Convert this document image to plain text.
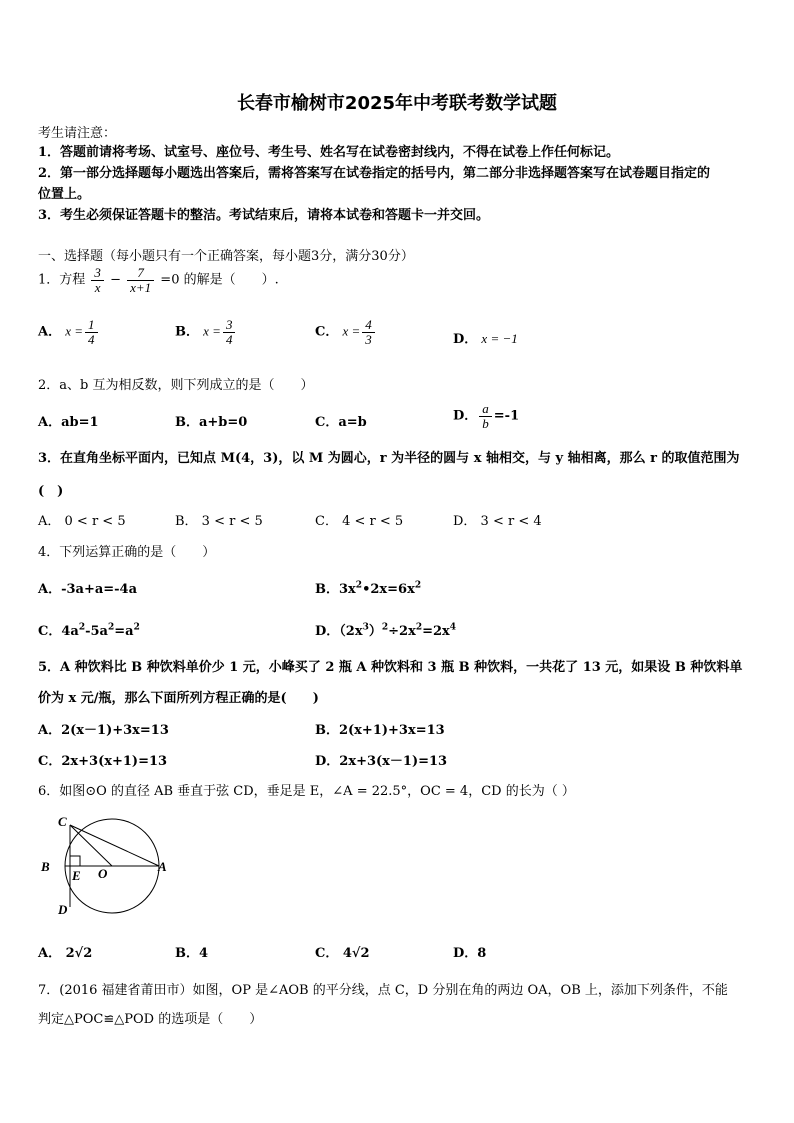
长春市榆树市2025年中考联考数学试题
考生请注意：
1．答题前请将考场、试室号、座位号、考生号、姓名写在试卷密封线内，不得在试卷上作任何标记。
2．第一部分选择题每小题选出答案后，需将答案写在试卷指定的括号内，第二部分非选择题答案写在试卷题目指定的
位置上。
3．考生必须保证答题卡的整洁。考试结束后，请将本试卷和答题卡一并交回。
一、选择题（每小题只有一个正确答案，每小题3分，满分30分）
1．方程 $\frac{3}{x} - \frac{7}{x+1} =0$ 的解是（　　）.
A． $x = \frac{1}{4}$	B． $x = \frac{3}{4}$	C． $x = \frac{4}{3}$	D． x = −1
2．a、b 互为相反数，则下列成立的是（　　）
A．ab=1	B．a+b=0	C．a=b	D． $\frac{a}{b} =-1$
3．在直角坐标平面内，已知点 M(4，3)，以 M 为圆心，r 为半径的圆与 x 轴相交，与 y 轴相离，那么 r 的取值范围为
(　)
A． 0 < r < 5	B． 3 < r < 5	C． 4 < r < 5	D． 3 < r < 4
4．下列运算正确的是（　　）
A．-3a+a=-4a	B．$3x^2•2x=6x^2$
C．$4a^2-5a^2=a^2$	D．$(2x^3)^2\div 2x^2=2x^4$
5．A 种饮料比 B 种饮料单价少 1 元，小峰买了 2 瓶 A 种饮料和 3 瓶 B 种饮料，一共花了 13 元，如果设 B 种饮料单
价为 x 元/瓶，那么下面所列方程正确的是(　　)
A．2(x－1)+3x=13	B．2(x+1)+3x=13
C．2x+3(x+1)=13	D．2x+3(x－1)=13
6．如图⊙O 的直径 AB 垂直于弦 CD，垂足是 E，∠A = 22.5°，OC = 4，CD 的长为（ ）
C
B
E O	A
D
A． 2√2	B．4	C． 4√2	D．8
7．(2016 福建省莆田市）如图，OP 是∠AOB 的平分线，点 C，D 分别在角的两边 OA，OB 上，添加下列条件，不能
判定△POC≌△POD 的选项是（　　）
